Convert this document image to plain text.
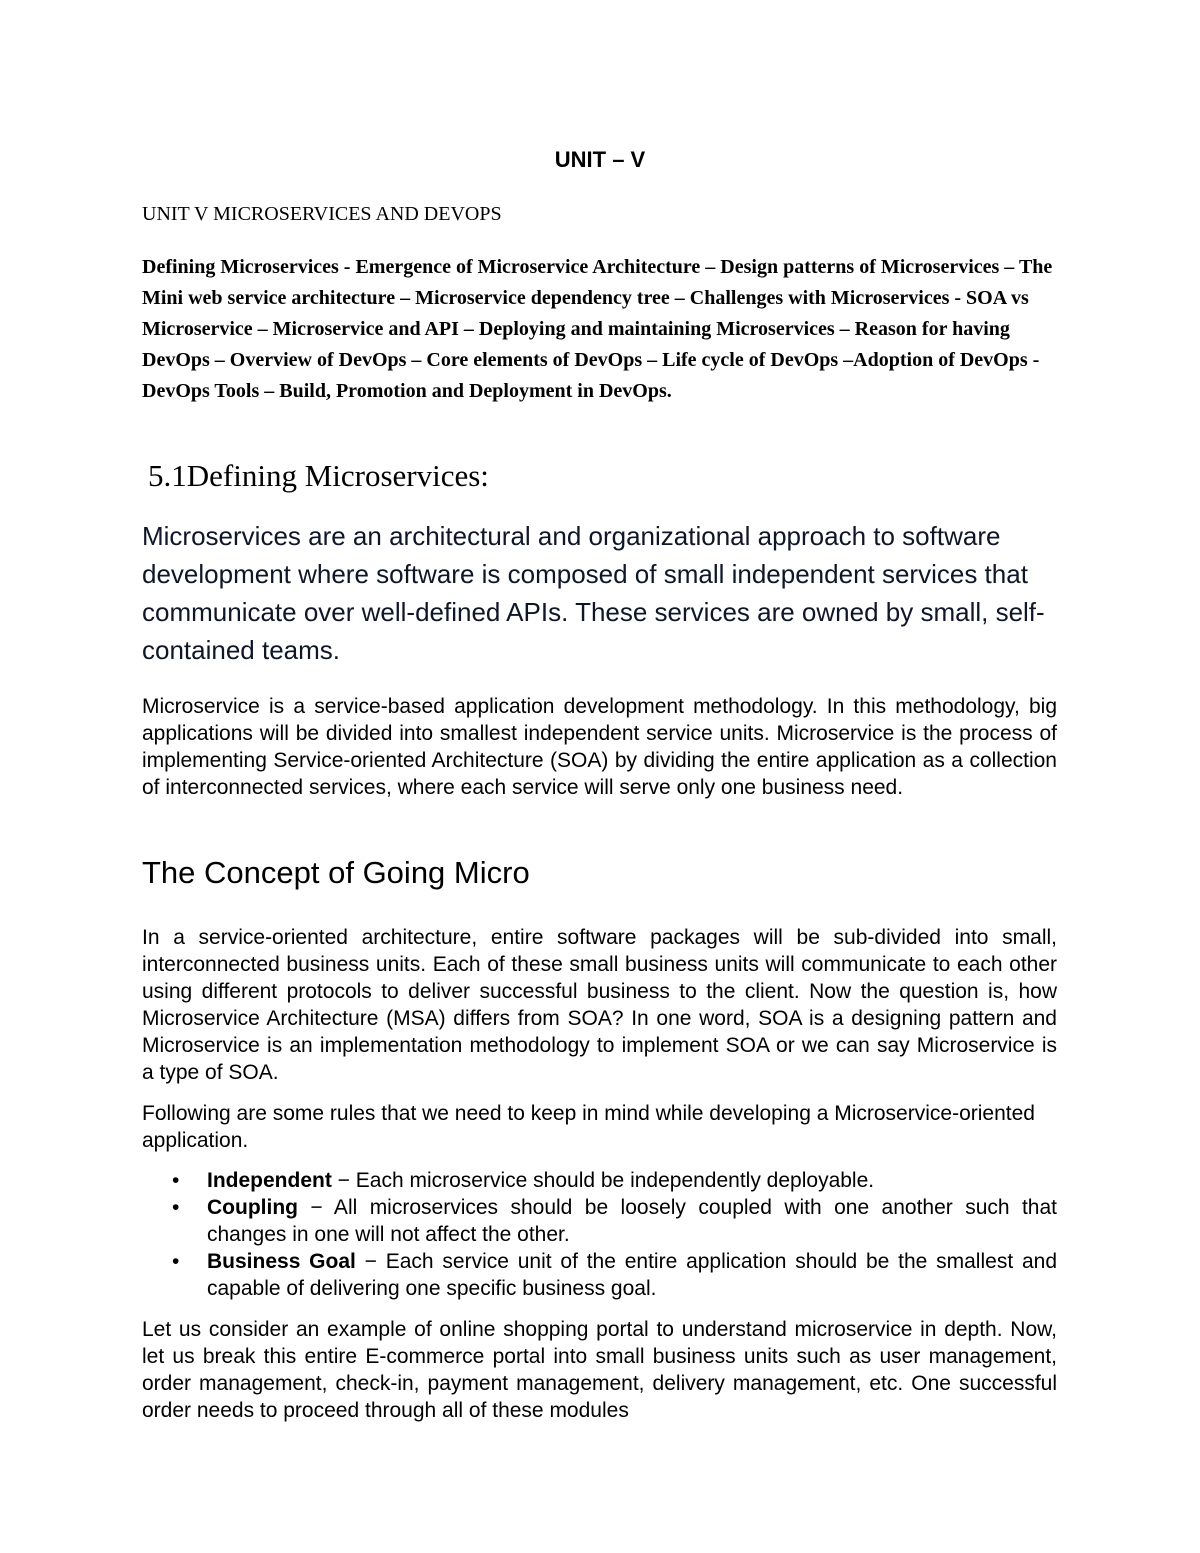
UNIT – V
UNIT V MICROSERVICES AND DEVOPS
Defining Microservices - Emergence of Microservice Architecture – Design patterns of Microservices – The Mini web service architecture – Microservice dependency tree – Challenges with Microservices - SOA vs Microservice – Microservice and API – Deploying and maintaining Microservices – Reason for having DevOps – Overview of DevOps – Core elements of DevOps – Life cycle of DevOps –Adoption of DevOps - DevOps Tools – Build, Promotion and Deployment in DevOps.
5.1Defining Microservices:
Microservices are an architectural and organizational approach to software development where software is composed of small independent services that communicate over well-defined APIs. These services are owned by small, self-contained teams.

Microservice is a service-based application development methodology. In this methodology, big applications will be divided into smallest independent service units. Microservice is the process of implementing Service-oriented Architecture (SOA) by dividing the entire application as a collection of interconnected services, where each service will serve only one business need.

The Concept of Going Micro

In a service-oriented architecture, entire software packages will be sub-divided into small, interconnected business units. Each of these small business units will communicate to each other using different protocols to deliver successful business to the client. Now the question is, how Microservice Architecture (MSA) differs from SOA? In one word, SOA is a designing pattern and Microservice is an implementation methodology to implement SOA or we can say Microservice is a type of SOA.

Following are some rules that we need to keep in mind while developing a Microservice-oriented application.

• Independent − Each microservice should be independently deployable.
• Coupling − All microservices should be loosely coupled with one another such that changes in one will not affect the other.
• Business Goal − Each service unit of the entire application should be the smallest and capable of delivering one specific business goal.

Let us consider an example of online shopping portal to understand microservice in depth. Now, let us break this entire E-commerce portal into small business units such as user management, order management, check-in, payment management, delivery management, etc. One successful order needs to proceed through all of these modules
